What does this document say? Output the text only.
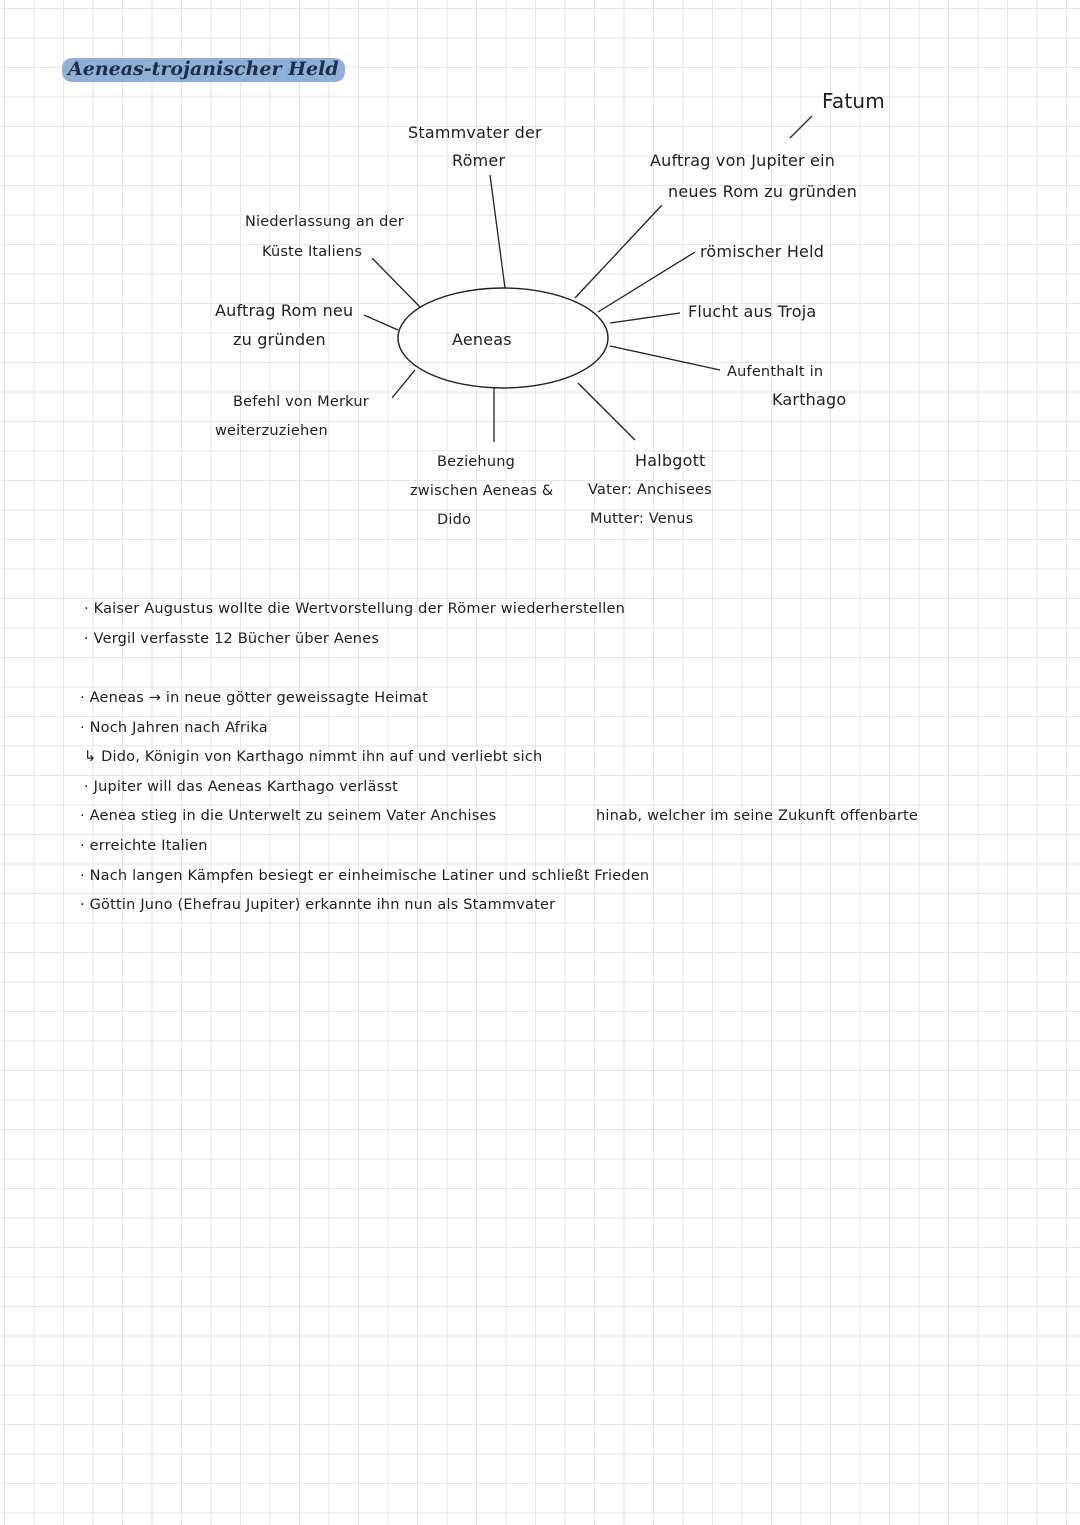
Aeneas-trojanischer Held
Aeneas
Fatum
Stammvater der
Römer	Auftrag von Jupiter ein
neues Rom zu gründen
Niederlassung an der
Küste Italiens	römischer Held
Auftrag Rom neu
zu gründen
Flucht aus Troja
Aufenthalt in
Karthago
Befehl von Merkur
weiterzuziehen
Beziehung
zwischen Aeneas &
Dido
Halbgott
Vater: Anchisees
Mutter: Venus
· Kaiser Augustus wollte die Wertvorstellung der Römer wiederherstellen
· Vergil verfasste 12 Bücher über Aenes
· Aeneas → in neue götter geweissagte Heimat
· Noch Jahren nach Afrika
↳ Dido, Königin von Karthago nimmt ihn auf und verliebt sich
· Jupiter will das Aeneas Karthago verlässt
· Aenea stieg in die Unterwelt zu seinem Vater Anchises	hinab, welcher im seine Zukunft offenbarte
· erreichte Italien
· Nach langen Kämpfen besiegt er einheimische Latiner und schließt Frieden
· Göttin Juno (Ehefrau Jupiter) erkannte ihn nun als Stammvater
